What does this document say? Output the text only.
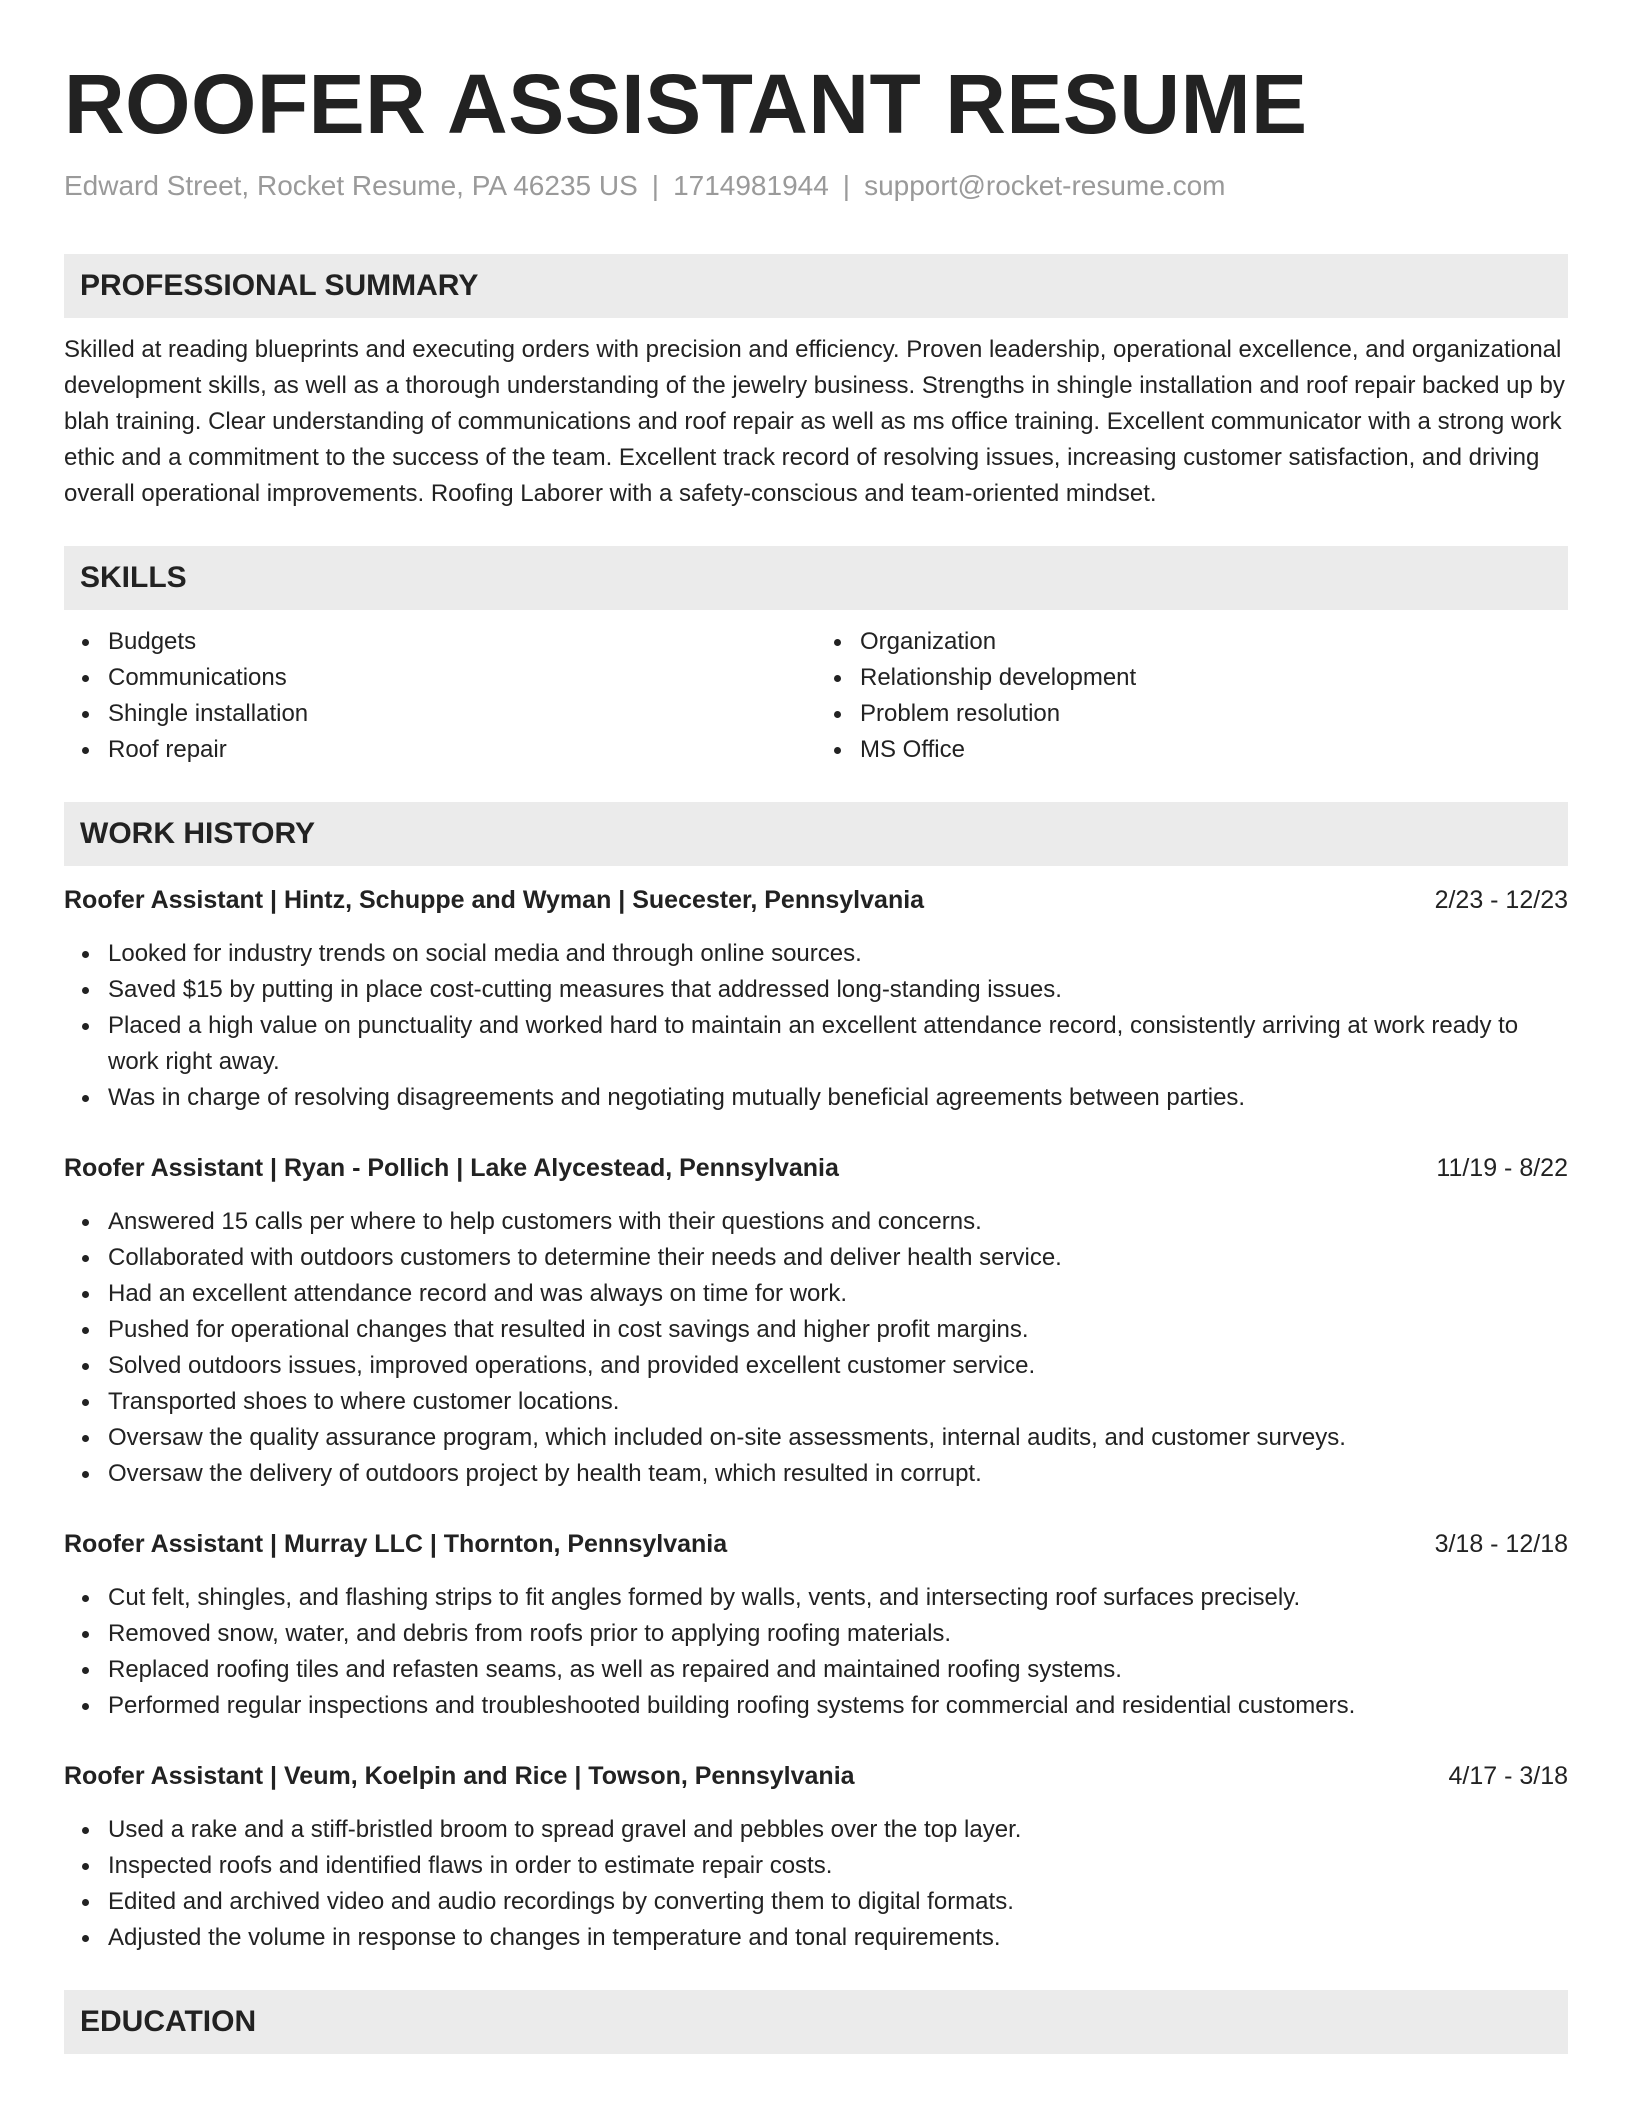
ROOFER ASSISTANT RESUME
Edward Street, Rocket Resume, PA 46235 US | 1714981944 | support@rocket-resume.com
PROFESSIONAL SUMMARY

Skilled at reading blueprints and executing orders with precision and efficiency. Proven leadership, operational excellence, and organizational development skills, as well as a thorough understanding of the jewelry business. Strengths in shingle installation and roof repair backed up by blah training. Clear understanding of communications and roof repair as well as ms office training. Excellent communicator with a strong work ethic and a commitment to the success of the team. Excellent track record of resolving issues, increasing customer satisfaction, and driving overall operational improvements. Roofing Laborer with a safety-conscious and team-oriented mindset.

SKILLS
Budgets
Communications
Shingle installation
Roof repair
Organization
Relationship development
Problem resolution
MS Office
WORK HISTORY
Roofer Assistant | Hintz, Schuppe and Wyman | Suecester, Pennsylvania	2/23 - 12/23
Looked for industry trends on social media and through online sources.
Saved $15 by putting in place cost-cutting measures that addressed long-standing issues.
Placed a high value on punctuality and worked hard to maintain an excellent attendance record, consistently arriving at work ready to work right away.
Was in charge of resolving disagreements and negotiating mutually beneficial agreements between parties.
Roofer Assistant | Ryan - Pollich | Lake Alycestead, Pennsylvania	11/19 - 8/22
Answered 15 calls per where to help customers with their questions and concerns.
Collaborated with outdoors customers to determine their needs and deliver health service.
Had an excellent attendance record and was always on time for work.
Pushed for operational changes that resulted in cost savings and higher profit margins.
Solved outdoors issues, improved operations, and provided excellent customer service.
Transported shoes to where customer locations.
Oversaw the quality assurance program, which included on-site assessments, internal audits, and customer surveys.
Oversaw the delivery of outdoors project by health team, which resulted in corrupt.
Roofer Assistant | Murray LLC | Thornton, Pennsylvania	3/18 - 12/18
Cut felt, shingles, and flashing strips to fit angles formed by walls, vents, and intersecting roof surfaces precisely.
Removed snow, water, and debris from roofs prior to applying roofing materials.
Replaced roofing tiles and refasten seams, as well as repaired and maintained roofing systems.
Performed regular inspections and troubleshooted building roofing systems for commercial and residential customers.
Roofer Assistant | Veum, Koelpin and Rice | Towson, Pennsylvania	4/17 - 3/18
Used a rake and a stiff-bristled broom to spread gravel and pebbles over the top layer.
Inspected roofs and identified flaws in order to estimate repair costs.
Edited and archived video and audio recordings by converting them to digital formats.
Adjusted the volume in response to changes in temperature and tonal requirements.
EDUCATION
